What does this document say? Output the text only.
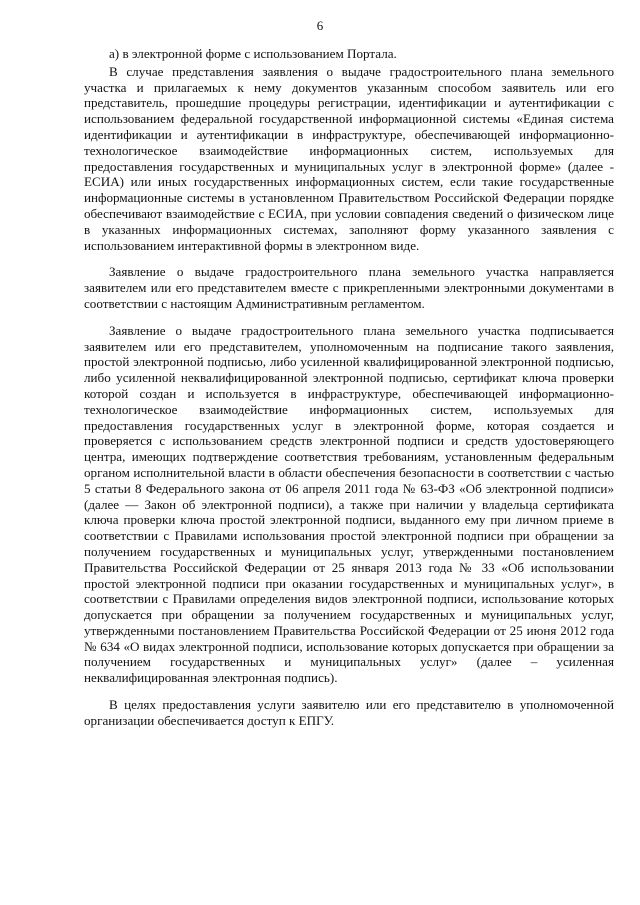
6

а) в электронной форме с использованием Портала.

В случае представления заявления о выдаче градостроительного плана земельного участка и прилагаемых к нему документов указанным способом заявитель или его представитель, прошедшие процедуры регистрации, идентификации и аутентификации с использованием федеральной государственной информационной системы «Единая система идентификации и аутентификации в инфраструктуре, обеспечивающей информационно-технологическое взаимодействие информационных систем, используемых для предоставления государственных и муниципальных услуг в электронной форме» (далее - ЕСИА) или иных государственных информационных систем, если такие государственные информационные системы в установленном Правительством Российской Федерации порядке обеспечивают взаимодействие с ЕСИА, при условии совпадения сведений о физическом лице в указанных информационных системах, заполняют форму указанного заявления с использованием интерактивной формы в электронном виде.

Заявление о выдаче градостроительного плана земельного участка направляется заявителем или его представителем вместе с прикрепленными электронными документами в соответствии с настоящим Административным регламентом.

Заявление о выдаче градостроительного плана земельного участка подписывается заявителем или его представителем, уполномоченным на подписание такого заявления, простой электронной подписью, либо усиленной квалифицированной электронной подписью, либо усиленной неквалифицированной электронной подписью, сертификат ключа проверки которой создан и используется в инфраструктуре, обеспечивающей информационно-технологическое взаимодействие информационных систем, используемых для предоставления государственных услуг в электронной форме, которая создается и проверяется с использованием средств электронной подписи и средств удостоверяющего центра, имеющих подтверждение соответствия требованиям, установленным федеральным органом исполнительной власти в области обеспечения безопасности в соответствии с частью 5 статьи 8 Федерального закона от 06 апреля 2011 года № 63-ФЗ «Об электронной подписи» (далее — Закон об электронной подписи), а также при наличии у владельца сертификата ключа проверки ключа простой электронной подписи, выданного ему при личном приеме в соответствии с Правилами использования простой электронной подписи при обращении за получением государственных и муниципальных услуг, утвержденными постановлением Правительства Российской Федерации от 25 января 2013 года № 33 «Об использовании простой электронной подписи при оказании государственных и муниципальных услуг», в соответствии с Правилами определения видов электронной подписи, использование которых допускается при обращении за получением государственных и муниципальных услуг, утвержденными постановлением Правительства Российской Федерации от 25 июня 2012 года № 634 «О видах электронной подписи, использование которых допускается при обращении за получением государственных и муниципальных услуг» (далее – усиленная неквалифицированная электронная подпись).

В целях предоставления услуги заявителю или его представителю в уполномоченной организации обеспечивается доступ к ЕПГУ.
